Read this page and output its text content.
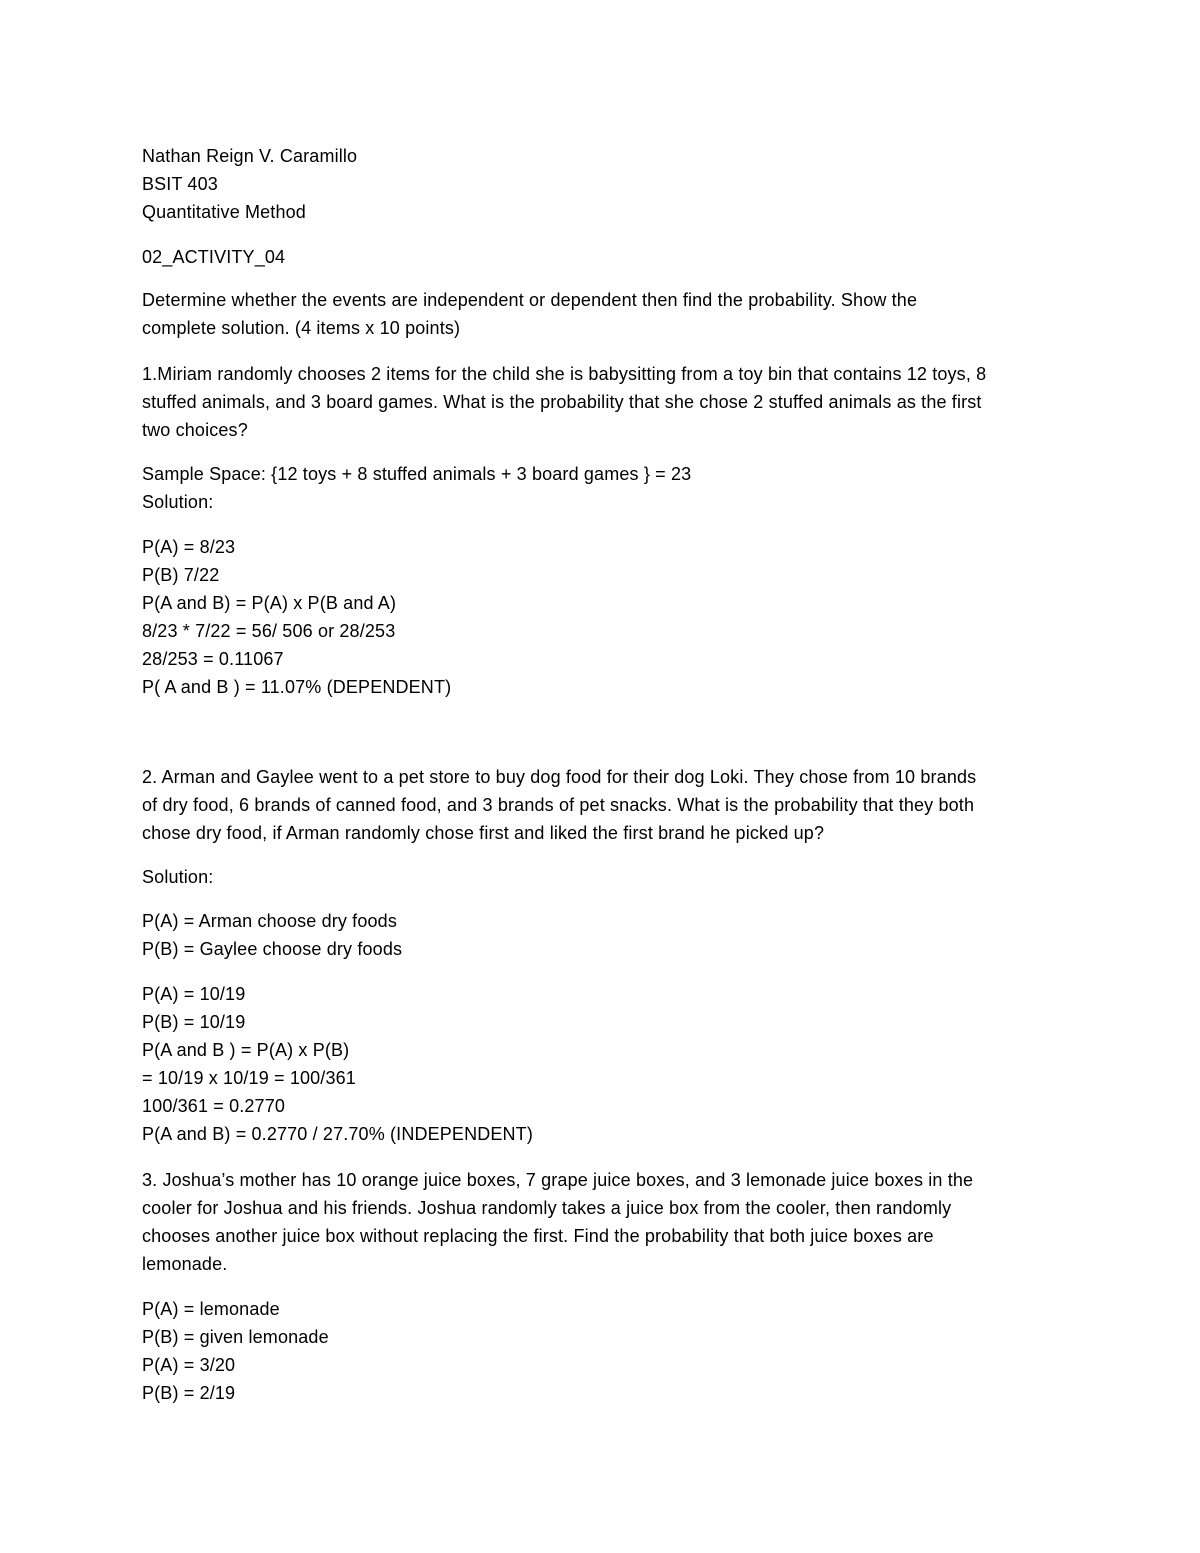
Nathan Reign V. Caramillo
BSIT 403
Quantitative Method
02_ACTIVITY_04
Determine whether the events are independent or dependent then find the probability. Show the
complete solution. (4 items x 10 points)
1.Miriam randomly chooses 2 items for the child she is babysitting from a toy bin that contains 12 toys, 8
stuffed animals, and 3 board games. What is the probability that she chose 2 stuffed animals as the first
two choices?
Sample Space: {12 toys + 8 stuffed animals + 3 board games } = 23
Solution:
P(A) = 8/23
P(B) 7/22
P(A and B) = P(A) x P(B and A)
8/23 * 7/22 = 56/ 506 or 28/253
28/253 = 0.11067
P( A and B ) = 11.07% (DEPENDENT)
2. Arman and Gaylee went to a pet store to buy dog food for their dog Loki. They chose from 10 brands
of dry food, 6 brands of canned food, and 3 brands of pet snacks. What is the probability that they both
chose dry food, if Arman randomly chose first and liked the first brand he picked up?
Solution:
P(A) = Arman choose dry foods
P(B) = Gaylee choose dry foods
P(A) = 10/19
P(B) = 10/19
P(A and B ) = P(A) x P(B)
= 10/19 x 10/19 = 100/361
100/361 = 0.2770
P(A and B) = 0.2770 / 27.70% (INDEPENDENT)
3. Joshua’s mother has 10 orange juice boxes, 7 grape juice boxes, and 3 lemonade juice boxes in the
cooler for Joshua and his friends. Joshua randomly takes a juice box from the cooler, then randomly
chooses another juice box without replacing the first. Find the probability that both juice boxes are
lemonade.
P(A) = lemonade
P(B) = given lemonade
P(A) = 3/20
P(B) = 2/19
